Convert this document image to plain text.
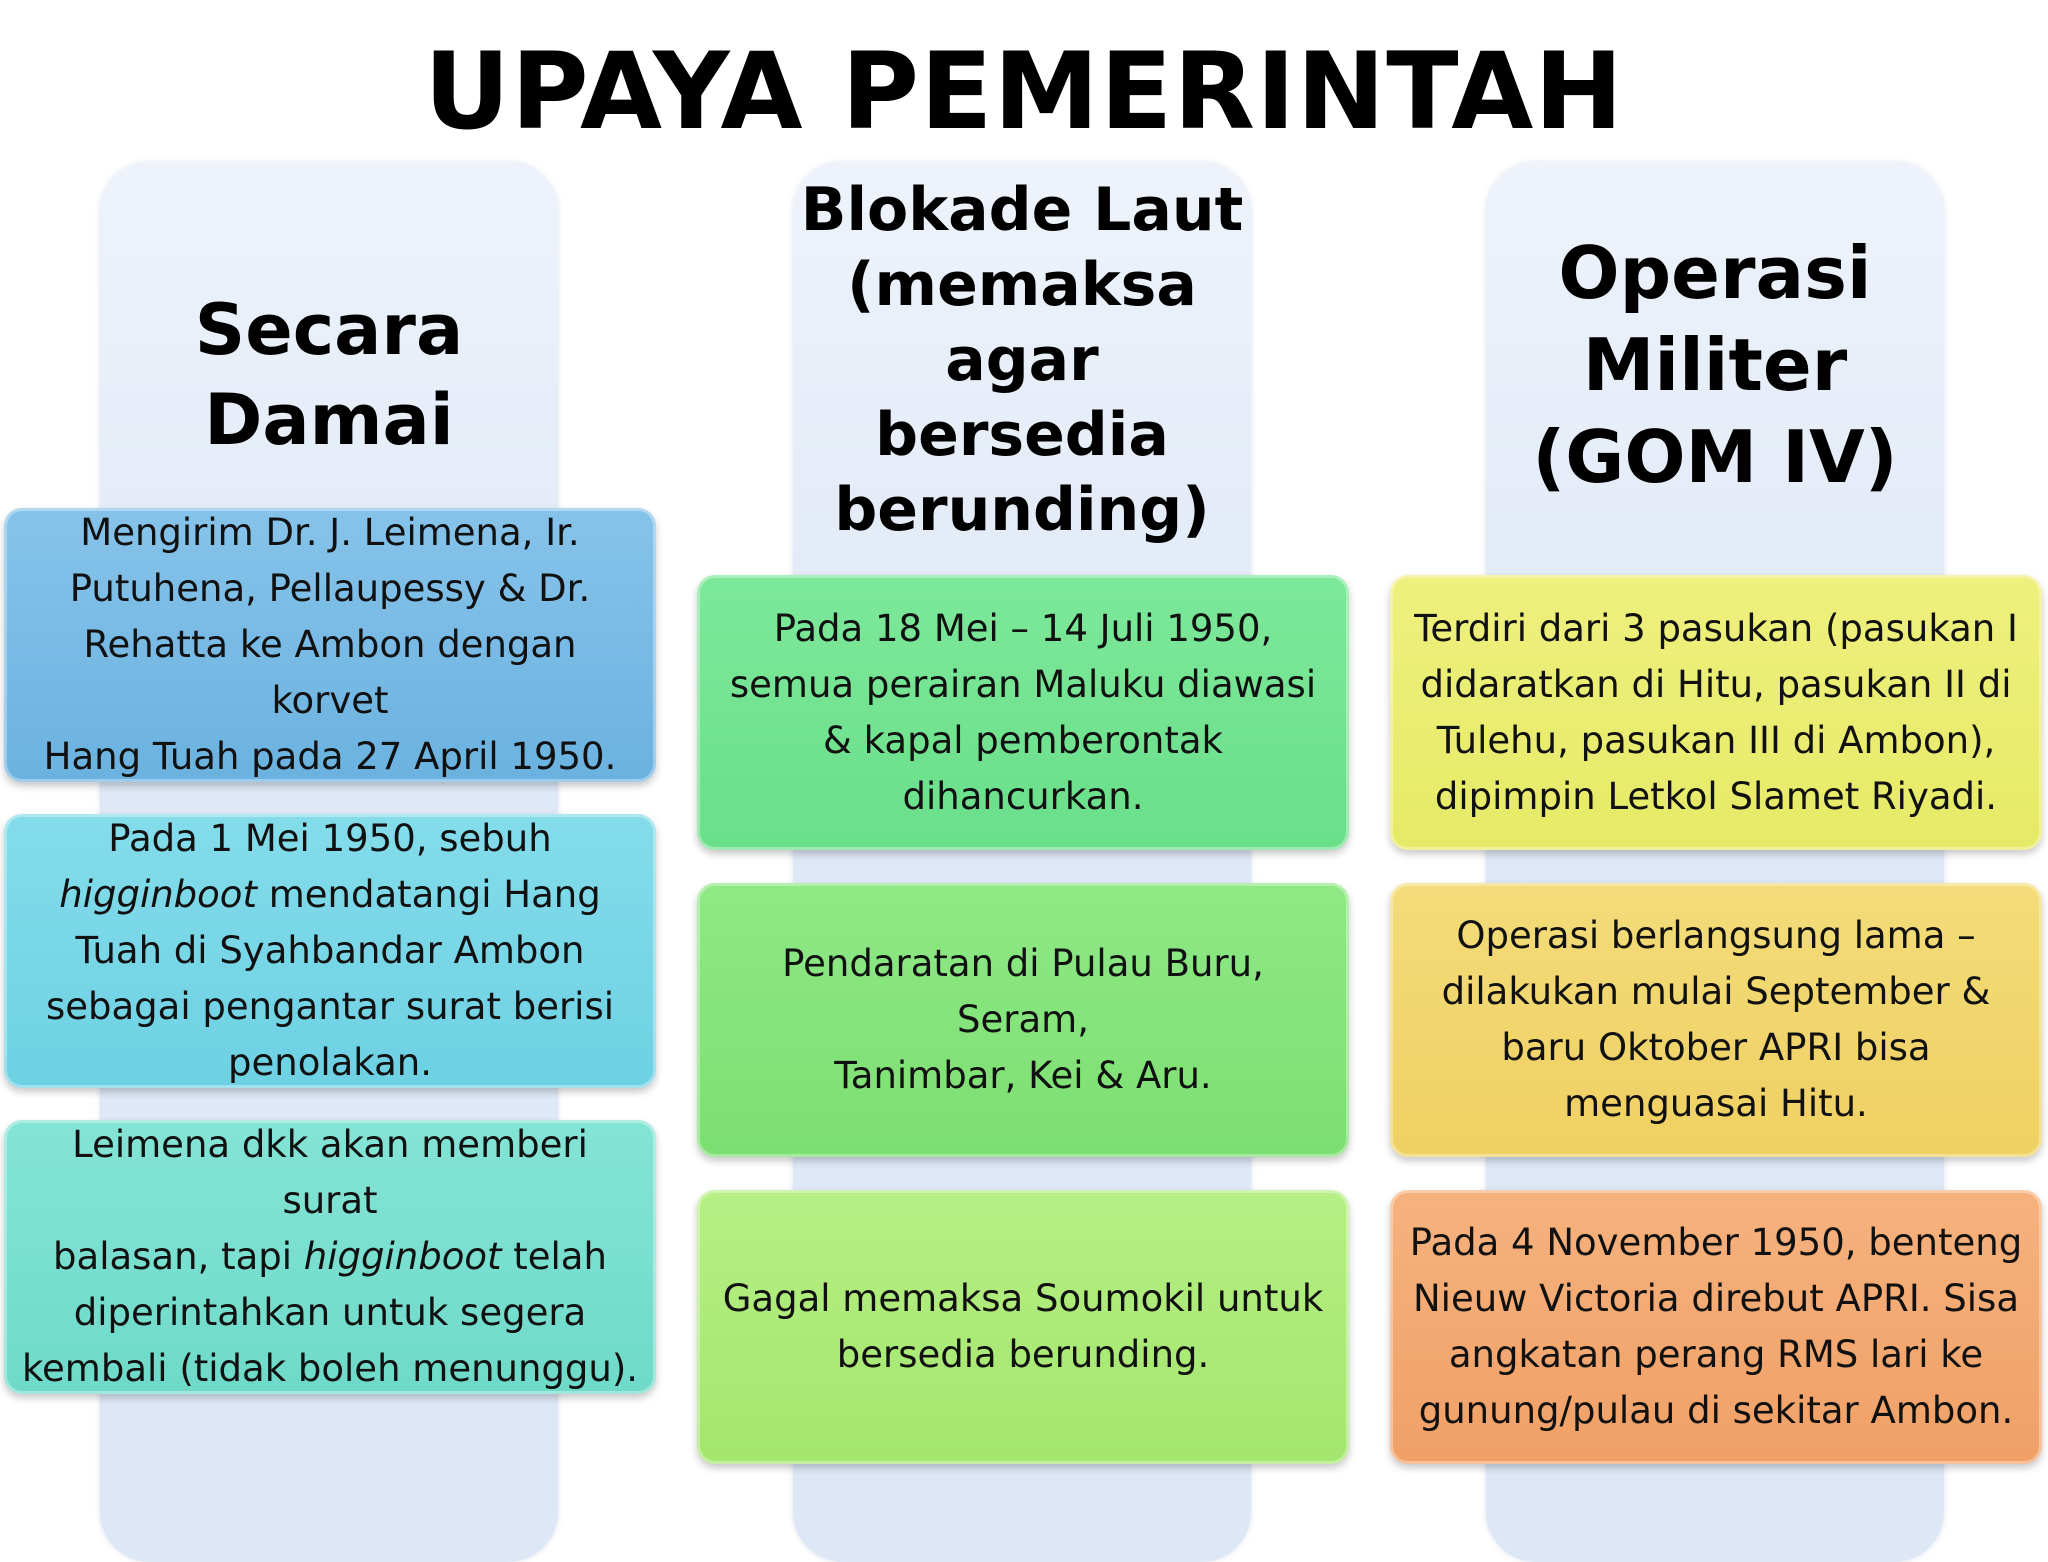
UPAYA PEMERINTAH
Secara
Damai
Blokade Laut
(memaksa
agar bersedia
berunding)
Operasi
Militer
(GOM IV)
Mengirim Dr. J. Leimena, Ir.
Putuhena, Pellaupessy & Dr.
Rehatta ke Ambon dengan korvet
Hang Tuah pada 27 April 1950.
Pada 1 Mei 1950, sebuh
higginboot mendatangi Hang
Tuah di Syahbandar Ambon
sebagai pengantar surat berisi
penolakan.
Leimena dkk akan memberi surat
balasan, tapi higginboot telah
diperintahkan untuk segera
kembali (tidak boleh menunggu).
Pada 18 Mei – 14 Juli 1950,
semua perairan Maluku diawasi
& kapal pemberontak
dihancurkan.
Pendaratan di Pulau Buru, Seram,
Tanimbar, Kei & Aru.
Gagal memaksa Soumokil untuk
bersedia berunding.
Terdiri dari 3 pasukan (pasukan I
didaratkan di Hitu, pasukan II di
Tulehu, pasukan III di Ambon),
dipimpin Letkol Slamet Riyadi.
Operasi berlangsung lama –
dilakukan mulai September &
baru Oktober APRI bisa
menguasai Hitu.
Pada 4 November 1950, benteng
Nieuw Victoria direbut APRI. Sisa
angkatan perang RMS lari ke
gunung/pulau di sekitar Ambon.
